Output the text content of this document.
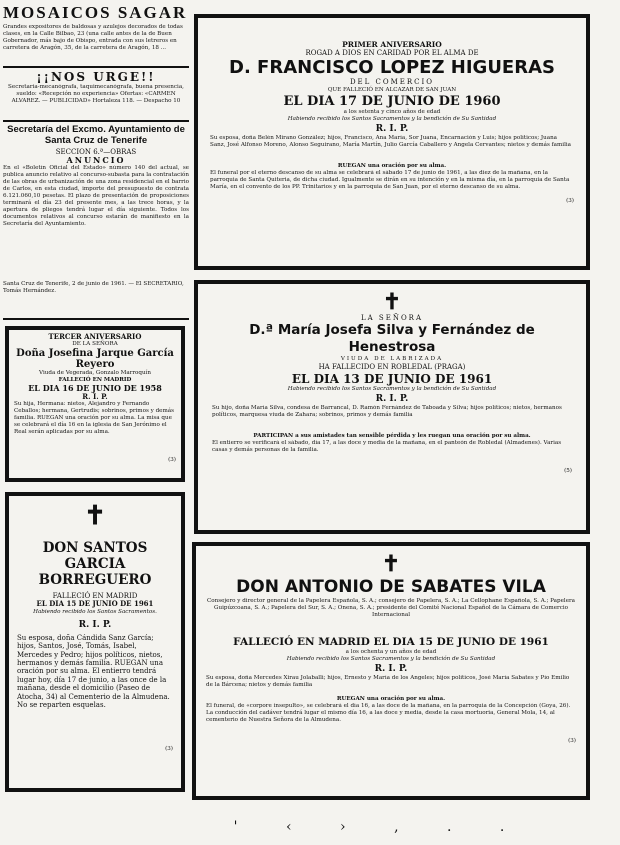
MOSAICOS SAGAR
Grandes expositores de baldosas y azulejos decorados de todas clases, en la Calle Bilbao, 23 (una calle antes de la de Buen Gobernador, más bajo de Obispo, entrada con sus letreros en carretera de Aragón, 35, de la carretera de Aragón, 18 ...
¡¡NOS URGE!!
Secretaria-mecanógrafa, taquimecanógrafa, buena presencia, sueldo: «Recepción no experiencia» Ofertas: «CARMEN ALVAREZ. — PUBLICIDAD» Hortaleza 118. — Despacho 10
Secretaría del Excmo. Ayuntamiento de Santa Cruz de Tenerife
SECCION 6.ª—OBRAS
ANUNCIO
En el «Boletín Oficial del Estado» número 140 del actual, se publica anuncio relativo al concurso-subasta para la contratación de las obras de urbanización de una zona residencial en el barrio de Carlos, en esta ciudad, importe del presupuesto de contrata 6.121.060,10 pesetas. El plazo de presentación de proposiciones terminará el día 23 del presente mes, a las trece horas, y la apertura de pliegos tendrá lugar el día siguiente. Todos los documentos relativos al concurso estarán de manifiesto en la Secretaría del Ayuntamiento.
Santa Cruz de Tenerife, 2 de junio de 1961. — El SECRETARIO, Tomás Hernández.
TERCER ANIVERSARIO
DE LA SEÑORA
Doña Josefina Jarque García Reyero
Viuda de Vegerada, Gonzalo Marroquín
FALLECIÓ EN MADRID
EL DIA 16 DE JUNIO DE 1958
R. I. P.
Su hija, Hermana: nietos, Alejandro y Fernando Ceballos; hermana, Gertrudis; sobrinos, primos y demás familia. RUEGAN una oración por su alma. La misa que se celebrará el día 16 en la iglesia de San Jerónimo el Real serán aplicadas por su alma.
(3)
✝
DON SANTOS GARCIA
BORREGUERO
FALLECIÓ EN MADRID
EL DIA 15 DE JUNIO DE 1961
Habiendo recibido los Santos Sacramentos.
R. I. P.
Su esposa, doña Cándida Sanz García; hijos, Santos, José, Tomás, Isabel, Mercedes y Pedro; hijos políticos, nietos, hermanos y demás familia. RUEGAN una oración por su alma. El entierro tendrá lugar hoy, día 17 de junio, a las once de la mañana, desde el domicilio (Paseo de Atocha, 34) al Cementerio de la Almudena. No se reparten esquelas.
(3)
PRIMER ANIVERSARIO
ROGAD A DIOS EN CARIDAD POR EL ALMA DE
D. FRANCISCO LOPEZ HIGUERAS
DEL COMERCIO
QUE FALLECIÓ EN ALCAZAR DE SAN JUAN
EL DIA 17 DE JUNIO DE 1960
a los setenta y cinco años de edad
Habiendo recibido los Santos Sacramentos y la bendición de Su Santidad
R. I. P.
Su esposa, doña Belén Mirano González; hijos, Francisco, Ana María, Sor Juana, Encarnación y Luis; hijos políticos; Juana Sanz, José Alfonso Moreno, Alonso Seguirano, María Martín, Julio García Caballero y Angela Cervantes; nietos y demás familia
RUEGAN una oración por su alma.
El funeral por el eterno descanso de su alma se celebrará el sábado 17 de junio de 1961, a las diez de la mañana, en la parroquia de Santa Quiteria, de dicha ciudad. Igualmente se dirán en su intención y en la misma día, en la parroquia de Santa María, en el convento de los PP. Trinitarios y en la parroquia de San Juan, por el eterno descanso de su alma.
(3)
✝
LA SEÑORA
D.ª María Josefa Silva y Fernández de Henestrosa
VIUDA DE LABRIZADA
HA FALLECIDO EN ROBLEDAL (PRAGA)
EL DIA 13 DE JUNIO DE 1961
Habiendo recibido los Santos Sacramentos y la bendición de Su Santidad
R. I. P.
Su hijo, doña María Silva, condesa de Barrancal, D. Ramón Fernández de Taboada y Silva; hijos políticos; nietos, hermanos políticos, marquesa viuda de Zahara; sobrinos, primos y demás familia
PARTICIPAN a sus amistades tan sensible pérdida y les ruegan una oración por su alma.
El entierro se verificará el sábado, día 17, a las doce y media de la mañana, en el panteón de Robledal (Almadenes). Varias casas y demás personas de la familia.
(5)
✝
DON ANTONIO DE SABATES VILA
Consejero y director general de la Papelera Española, S. A.; consejero de Papelera, S. A.; La Cellophane Española, S. A.; Papelera Guipúzcoana, S. A.; Papelera del Sur, S. A.; Onena, S. A.; presidente del Comité Nacional Español de la Cámara de Comercio Internacional
FALLECIÓ EN MADRID EL DIA 15 DE JUNIO DE 1961
a los ochenta y un años de edad
Habiendo recibido los Santos Sacramentos y la bendición de Su Santidad
R. I. P.
Su esposa, doña Mercedes Xirau Jolaballi; hijos, Ernesto y María de los Ángeles; hijos políticos, José María Sabates y Pío Emilio de la Bárcena; nietos y demás familia
RUEGAN una oración por su alma.
El funeral, de «corpore insepulto», se celebrará el día 16, a las doce de la mañana, en la parroquia de la Concepción (Goya, 26). La conducción del cadáver tendrá lugar el mismo día 16, a las doce y media, desde la casa mortuoria, General Mola, 14, al cementerio de Nuestra Señora de la Almudena.
(3)
' ‹ › , . .
